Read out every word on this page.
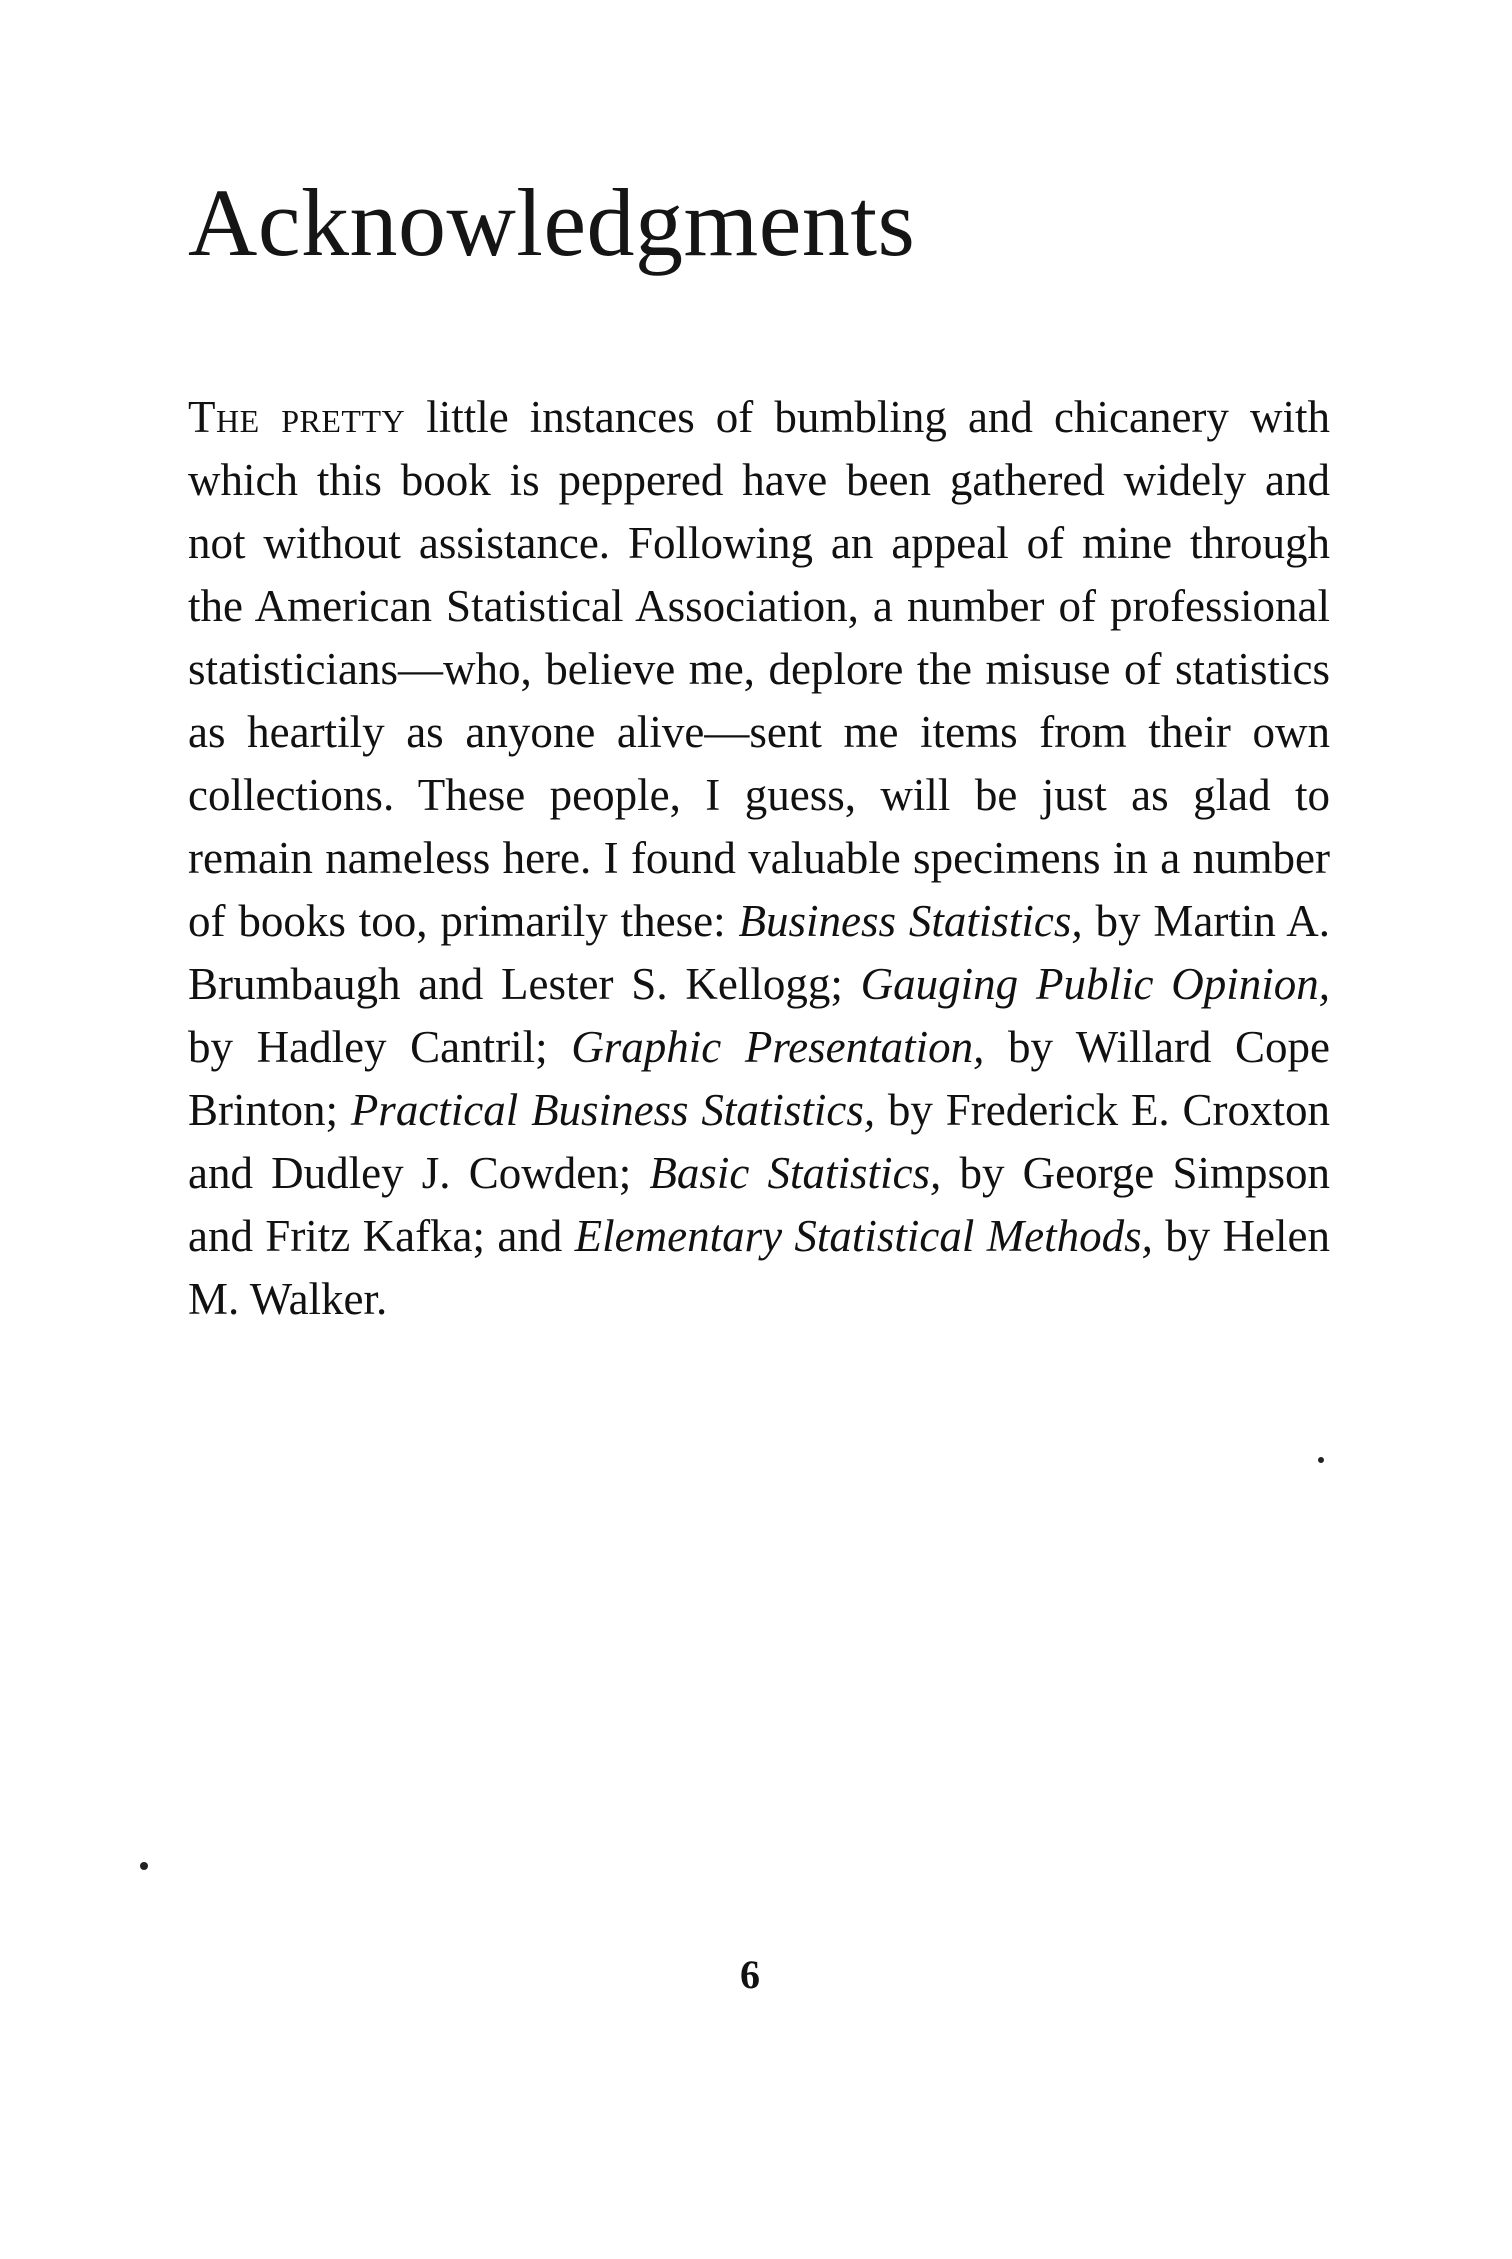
Acknowledgments

The pretty little instances of bumbling and chicanery with which this book is peppered have been gathered widely and not without assistance. Following an appeal of mine through the American Statistical Association, a number of professional statisticians—who, believe me, deplore the misuse of statistics as heartily as anyone alive—sent me items from their own collections. These people, I guess, will be just as glad to remain nameless here. I found valuable specimens in a number of books too, primarily these: Business Statistics, by Martin A. Brumbaugh and Lester S. Kellogg; Gauging Public Opinion, by Hadley Cantril; Graphic Presentation, by Willard Cope Brinton; Practical Business Statistics, by Frederick E. Croxton and Dudley J. Cowden; Basic Statistics, by George Simpson and Fritz Kafka; and Elementary Statistical Methods, by Helen M. Walker.

6
